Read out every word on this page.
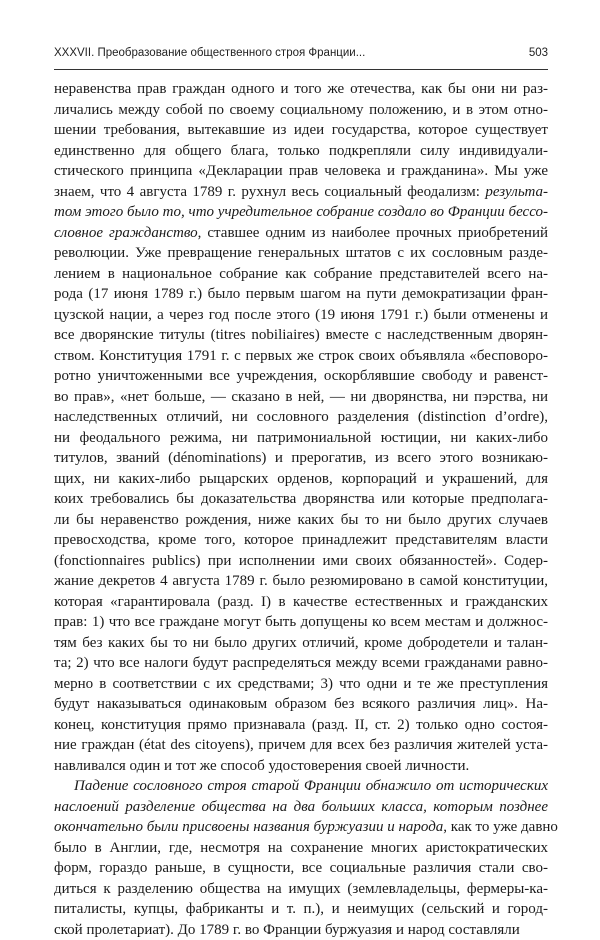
XXXVII. Преобразование общественного строя Франции...	503
неравенства прав граждан одного и того же отечества, как бы они ни раз-
личались между собой по своему социальному положению, и в этом отно-
шении требования, вытекавшие из идеи государства, которое существует
единственно для общего блага, только подкрепляли силу индивидуали-
стического принципа «Декларации прав человека и гражданина». Мы уже
знаем, что 4 августа 1789 г. рухнул весь социальный феодализм: результа-
том этого было то, что учредительное собрание создало во Франции бессо-
словное гражданство, ставшее одним из наиболее прочных приобретений
революции. Уже превращение генеральных штатов с их сословным разде-
лением в национальное собрание как собрание представителей всего на-
рода (17 июня 1789 г.) было первым шагом на пути демократизации фран-
цузской нации, а через год после этого (19 июня 1791 г.) были отменены и
все дворянские титулы (titres nobiliaires) вместе с наследственным дворян-
ством. Конституция 1791 г. с первых же строк своих объявляла «бесповоро-
ротно уничтоженными все учреждения, оскорблявшие свободу и равенст-
во прав», «нет больше, — сказано в ней, — ни дворянства, ни пэрства, ни
наследственных отличий, ни сословного разделения (distinction d’ordre),
ни феодального режима, ни патримониальной юстиции, ни каких-либо
титулов, званий (dénominations) и прерогатив, из всего этого возникаю-
щих, ни каких-либо рыцарских орденов, корпораций и украшений, для
коих требовались бы доказательства дворянства или которые предполага-
ли бы неравенство рождения, ниже каких бы то ни было других случаев
превосходства, кроме того, которое принадлежит представителям власти
(fonctionnaires publics) при исполнении ими своих обязанностей». Содер-
жание декретов 4 августа 1789 г. было резюмировано в самой конституции,
которая «гарантировала (разд. I) в качестве естественных и гражданских
прав: 1) что все граждане могут быть допущены ко всем местам и должнос-
тям без каких бы то ни было других отличий, кроме добродетели и талан-
та; 2) что все налоги будут распределяться между всеми гражданами равно-
мерно в соответствии с их средствами; 3) что одни и те же преступления
будут наказываться одинаковым образом без всякого различия лиц». На-
конец, конституция прямо признавала (разд. II, ст. 2) только одно состоя-
ние граждан (état des citoyens), причем для всех без различия жителей уста-
навливался один и тот же способ удостоверения своей личности.
Падение сословного строя старой Франции обнажило от исторических
наслоений разделение общества на два больших класса, которым позднее
окончательно были присвоены названия буржуазии и народа, как то уже давно
было в Англии, где, несмотря на сохранение многих аристократических
форм, гораздо раньше, в сущности, все социальные различия стали сво-
диться к разделению общества на имущих (землевладельцы, фермеры-ка-
питалисты, купцы, фабриканты и т. п.), и неимущих (сельский и город-
ской пролетариат). До 1789 г. во Франции буржуазия и народ составляли
